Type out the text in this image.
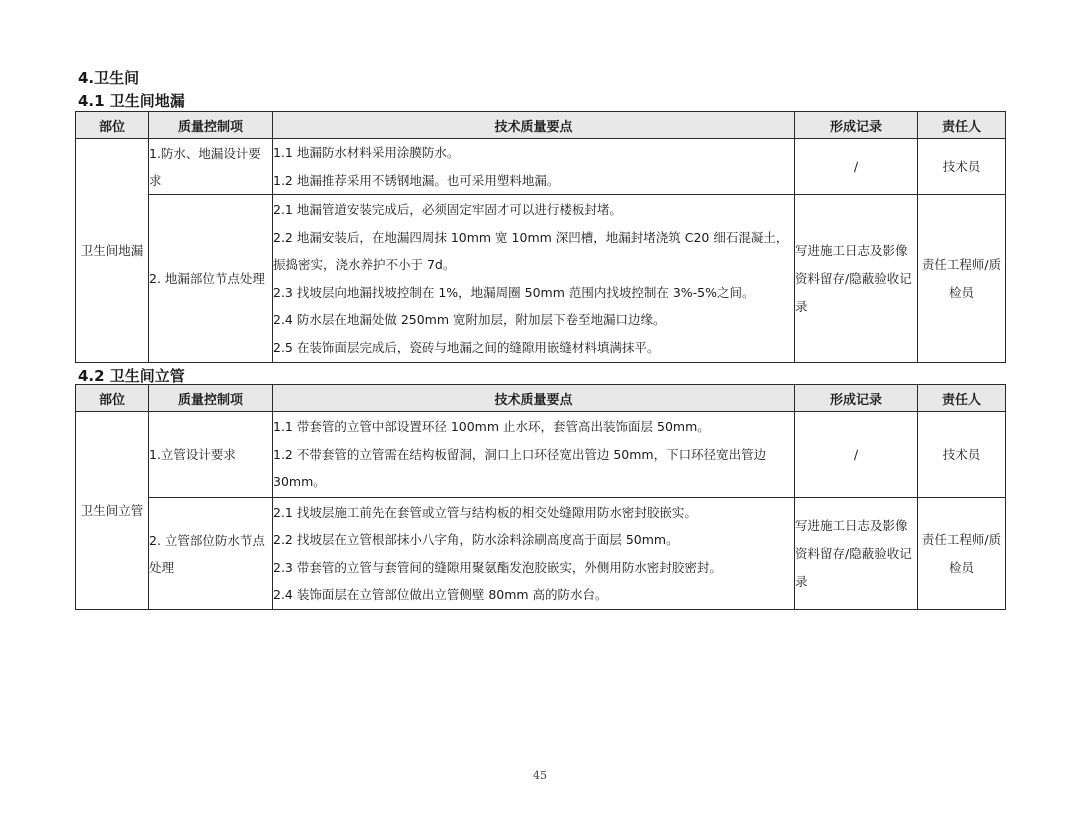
4.卫生间
4.1 卫生间地漏
部位	质量控制项	技术质量要点	形成记录	责任人
卫生间地漏	1.防水、地漏设计要求	1.1 地漏防水材料采用涂膜防水。
1.2 地漏推荐采用不锈钢地漏。也可采用塑料地漏。	/	技术员
	2. 地漏部位节点处理	2.1 地漏管道安装完成后，必须固定牢固才可以进行楼板封堵。
2.2 地漏安装后，在地漏四周抹 10mm 宽 10mm 深凹槽，地漏封堵浇筑 C20 细石混凝土，振捣密实，浇水养护不小于 7d。
2.3 找坡层向地漏找坡控制在 1%，地漏周圈 50mm 范围内找坡控制在 3%-5%之间。
2.4 防水层在地漏处做 250mm 宽附加层，附加层下卷至地漏口边缘。
2.5 在装饰面层完成后，瓷砖与地漏之间的缝隙用嵌缝材料填满抹平。	写进施工日志及影像资料留存/隐蔽验收记录	责任工程师/质检员
4.2 卫生间立管
部位	质量控制项	技术质量要点	形成记录	责任人
卫生间立管	1.立管设计要求	1.1 带套管的立管中部设置环径 100mm 止水环，套管高出装饰面层 50mm。
1.2 不带套管的立管需在结构板留洞，洞口上口环径宽出管边 50mm，下口环径宽出管边 30mm。	/	技术员
	2. 立管部位防水节点处理	2.1 找坡层施工前先在套管或立管与结构板的相交处缝隙用防水密封胶嵌实。
2.2 找坡层在立管根部抹小八字角，防水涂料涂刷高度高于面层 50mm。
2.3 带套管的立管与套管间的缝隙用聚氨酯发泡胶嵌实，外侧用防水密封胶密封。
2.4 装饰面层在立管部位做出立管侧壁 80mm 高的防水台。	写进施工日志及影像资料留存/隐蔽验收记录	责任工程师/质检员
45
